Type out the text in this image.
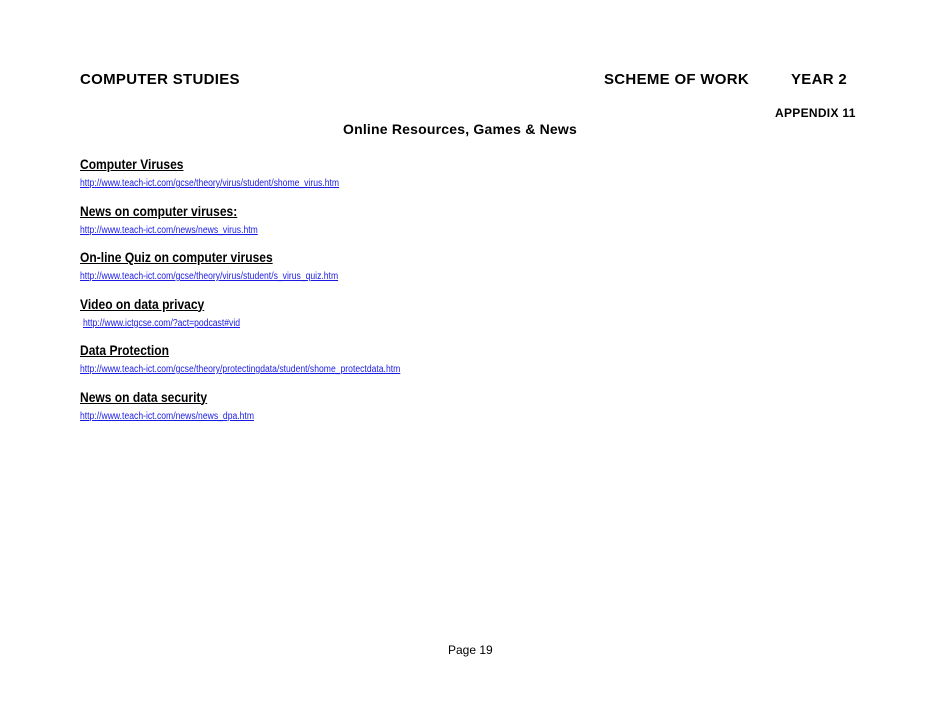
COMPUTER STUDIES	SCHEME OF WORK	YEAR 2
APPENDIX 11
Online Resources, Games & News
Computer Viruses
http://www.teach-ict.com/gcse/theory/virus/student/shome_virus.htm
News on computer viruses:
http://www.teach-ict.com/news/news_virus.htm
On-line Quiz on computer viruses
http://www.teach-ict.com/gcse/theory/virus/student/s_virus_quiz.htm
Video on data privacy
http://www.ictgcse.com/?act=podcast#vid
Data Protection
http://www.teach-ict.com/gcse/theory/protectingdata/student/shome_protectdata.htm
News on data security
http://www.teach-ict.com/news/news_dpa.htm
Page 19
